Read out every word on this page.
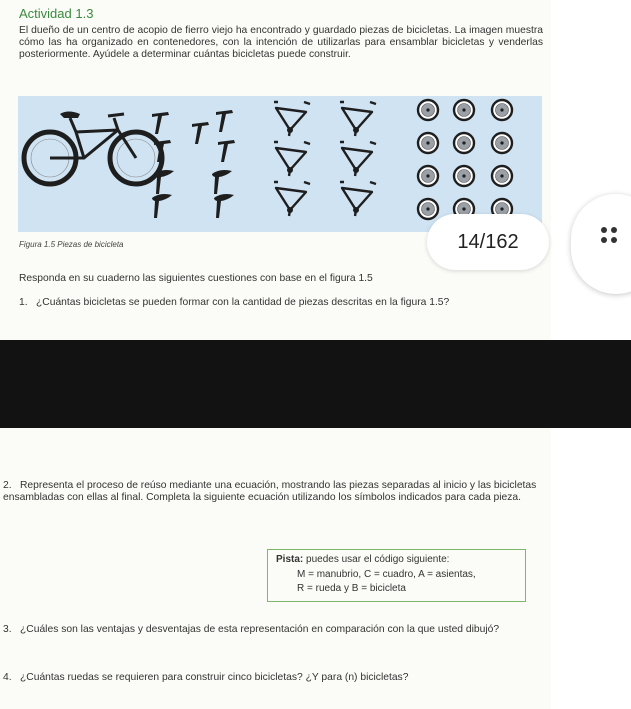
Actividad 1.3
El dueño de un centro de acopio de fierro viejo ha encontrado y guardado piezas de bicicletas. La imagen muestra cómo las ha organizado en contenedores, con la intención de utilizarlas para ensamblar bicicletas y venderlas posteriormente. Ayúdele a determinar cuántas bicicletas puede construir.
Figura 1.5 Piezas de bicicleta
Responda en su cuaderno las siguientes cuestiones con base en el figura 1.5
1. ¿Cuántas bicicletas se pueden formar con la cantidad de piezas descritas en la figura 1.5?
2. Representa el proceso de reúso mediante una ecuación, mostrando las piezas separadas al inicio y las bicicletas ensambladas con ellas al final. Completa la siguiente ecuación utilizando los símbolos indicados para cada pieza.
Pista: puedes usar el código siguiente:
M = manubrio, C = cuadro, A = asientas,
R = rueda y B = bicicleta
3. ¿Cuáles son las ventajas y desventajas de esta representación en comparación con la que usted dibujó?
4. ¿Cuántas ruedas se requieren para construir cinco bicicletas? ¿Y para (n) bicicletas?
14/162
